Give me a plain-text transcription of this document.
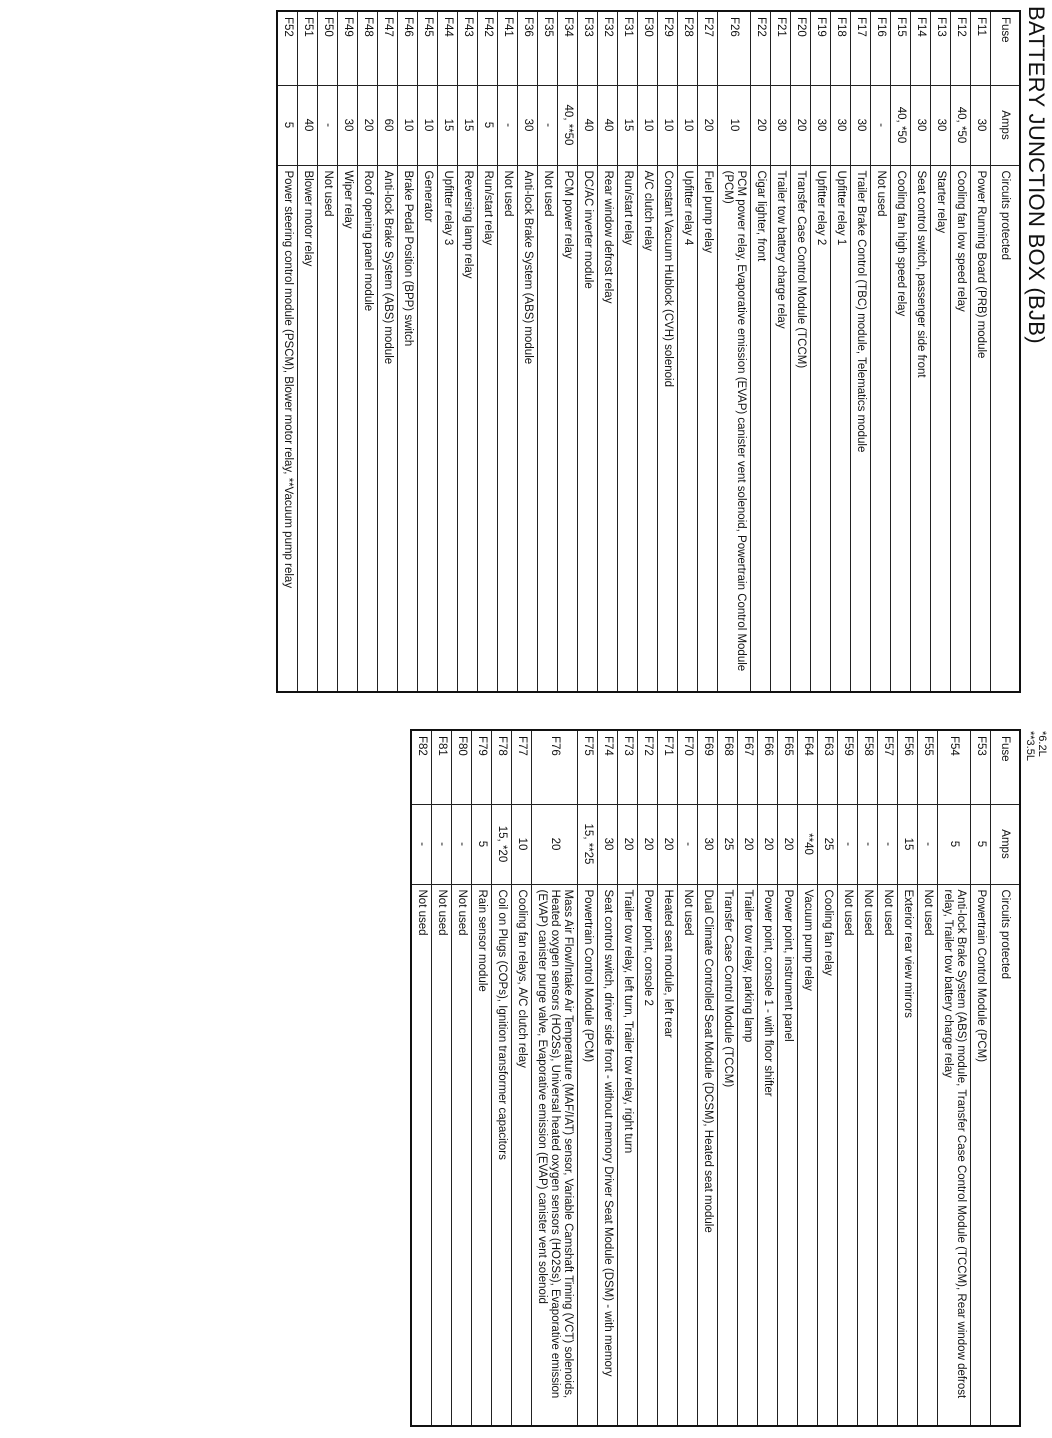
BATTERY JUNCTION BOX (BJB)
Fuse	Amps	Circuits protected
F11	30	Power Running Board (PRB) module
F12	40, *50	Cooling fan low speed relay
F13	30	Starter relay
F14	30	Seat control switch, passenger side front
F15	40, *50	Cooling fan high speed relay
F16	-	Not used
F17	30	Trailer Brake Control (TBC) module, Telematics module
F18	30	Upfitter relay 1
F19	30	Upfitter relay 2
F20	20	Transfer Case Control Module (TCCM)
F21	30	Trailer tow battery charge relay
F22	20	Cigar lighter, front
F26	10	PCM power relay, Evaporative emission (EVAP) canister vent solenoid, Powertrain Control Module (PCM)
F27	20	Fuel pump relay
F28	10	Upfitter relay 4
F29	10	Constant Vacuum Hublock (CVH) solenoid
F30	10	A/C clutch relay
F31	15	Run/start relay
F32	40	Rear window defrost relay
F33	40	DC/AC inverter module
F34	40, **50	PCM power relay
F35	-	Not used
F36	30	Anti-lock Brake System (ABS) module
F41	-	Not used
F42	5	Run/start relay
F43	15	Reversing lamp relay
F44	15	Upfitter relay 3
F45	10	Generator
F46	10	Brake Pedal Position (BPP) switch
F47	60	Anti-lock Brake System (ABS) module
F48	20	Roof opening panel module
F49	30	Wiper relay
F50	-	Not used
F51	40	Blower motor relay
F52	5	Power steering control module (PSCM), Blower motor relay, **Vacuum pump relay
Fuse	Amps	Circuits protected
F53	5	Powertrain Control Module (PCM)
F54	5	Anti-lock Brake System (ABS) module, Transfer Case Control Module (TCCM), Rear window defrost relay, Trailer tow battery charge relay
F55	-	Not used
F56	15	Exterior rear view mirrors
F57	-	Not used
F58	-	Not used
F59	-	Not used
F63	25	Cooling fan relay
F64	**40	Vacuum pump relay
F65	20	Power point, instrument panel
F66	20	Power point, console 1 - with floor shifter
F67	20	Trailer tow relay, parking lamp
F68	25	Transfer Case Control Module (TCCM)
F69	30	Dual Climate Controlled Seat Module (DCSM), Heated seat module
F70	-	Not used
F71	20	Heated seat module, left rear
F72	20	Power point, console 2
F73	20	Trailer tow relay, left turn, Trailer tow relay, right turn
F74	30	Seat control switch, driver side front - without memory Driver Seat Module (DSM) - with memory
F75	15, **25	Powertrain Control Module (PCM)
F76	20	Mass Air Flow/Intake Air Temperature (MAF/IAT) sensor, Variable Camshaft Timing (VCT) solenoids, Heated oxygen sensors (HO2Ss), Universal heated oxygen sensors (HO2Ss), Evaporative emission (EVAP) canister purge valve, Evaporative emission (EVAP) canister vent solenoid
F77	10	Cooling fan relays, A/C clutch relay
F78	15, *20	Coil on Plugs (COPs), Ignition transformer capacitors
F79	5	Rain sensor module
F80	-	Not used
F81	-	Not used
F82	-	Not used
*6.2L
**3.5L
